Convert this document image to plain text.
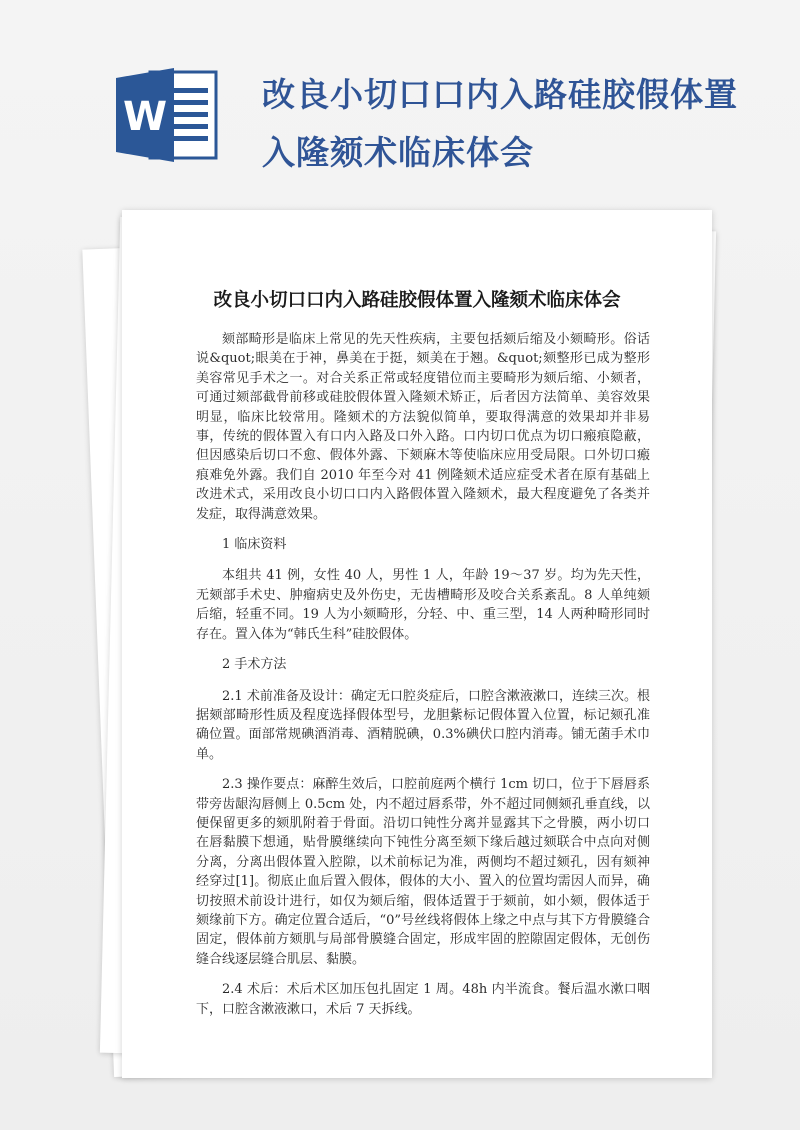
W	改良小切口口内入路硅胶假体置入隆颏术临床体会
改良小切口口内入路硅胶假体置入隆颏术临床体会

颏部畸形是临床上常见的先天性疾病，主要包括颏后缩及小颏畸形。俗话说&quot;眼美在于神，鼻美在于挺，颏美在于翘。&quot;颏整形已成为整形美容常见手术之一。对合关系正常或轻度错位而主要畸形为颏后缩、小颏者，可通过颏部截骨前移或硅胶假体置入隆颏术矫正，后者因方法简单、美容效果明显，临床比较常用。隆颏术的方法貌似简单，要取得满意的效果却并非易事，传统的假体置入有口内入路及口外入路。口内切口优点为切口瘢痕隐蔽，但因感染后切口不愈、假体外露、下颏麻木等使临床应用受局限。口外切口瘢痕难免外露。我们自 2010 年至今对 41 例隆颏术适应症受术者在原有基础上改进术式，采用改良小切口口内入路假体置入隆颏术，最大程度避免了各类并发症，取得满意效果。

1 临床资料

本组共 41 例，女性 40 人，男性 1 人，年龄 19～37 岁。均为先天性，无颏部手术史、肿瘤病史及外伤史，无齿槽畸形及咬合关系紊乱。8 人单纯颏后缩，轻重不同。19 人为小颏畸形，分轻、中、重三型，14 人两种畸形同时存在。置入体为“韩氏生科”硅胶假体。

2 手术方法

2.1 术前准备及设计：确定无口腔炎症后，口腔含漱液漱口，连续三次。根据颏部畸形性质及程度选择假体型号，龙胆紫标记假体置入位置，标记颏孔准确位置。面部常规碘酒消毒、酒精脱碘，0.3%碘伏口腔内消毒。铺无菌手术巾单。

2.3 操作要点：麻醉生效后，口腔前庭两个横行 1cm 切口，位于下唇唇系带旁齿龈沟唇侧上 0.5cm 处，内不超过唇系带，外不超过同侧颏孔垂直线，以便保留更多的颏肌附着于骨面。沿切口钝性分离并显露其下之骨膜，两小切口在唇黏膜下想通，贴骨膜继续向下钝性分离至颏下缘后越过颏联合中点向对侧分离，分离出假体置入腔隙，以术前标记为准，两侧均不超过颏孔，因有颏神经穿过[1]。彻底止血后置入假体，假体的大小、置入的位置均需因人而异，确切按照术前设计进行，如仅为颏后缩，假体适置于于颏前，如小颏，假体适于颏缘前下方。确定位置合适后，“0”号丝线将假体上缘之中点与其下方骨膜缝合固定，假体前方颏肌与局部骨膜缝合固定，形成牢固的腔隙固定假体，无创伤缝合线逐层缝合肌层、黏膜。

2.4 术后：术后术区加压包扎固定 1 周。48h 内半流食。餐后温水漱口咽下，口腔含漱液漱口，术后 7 天拆线。
